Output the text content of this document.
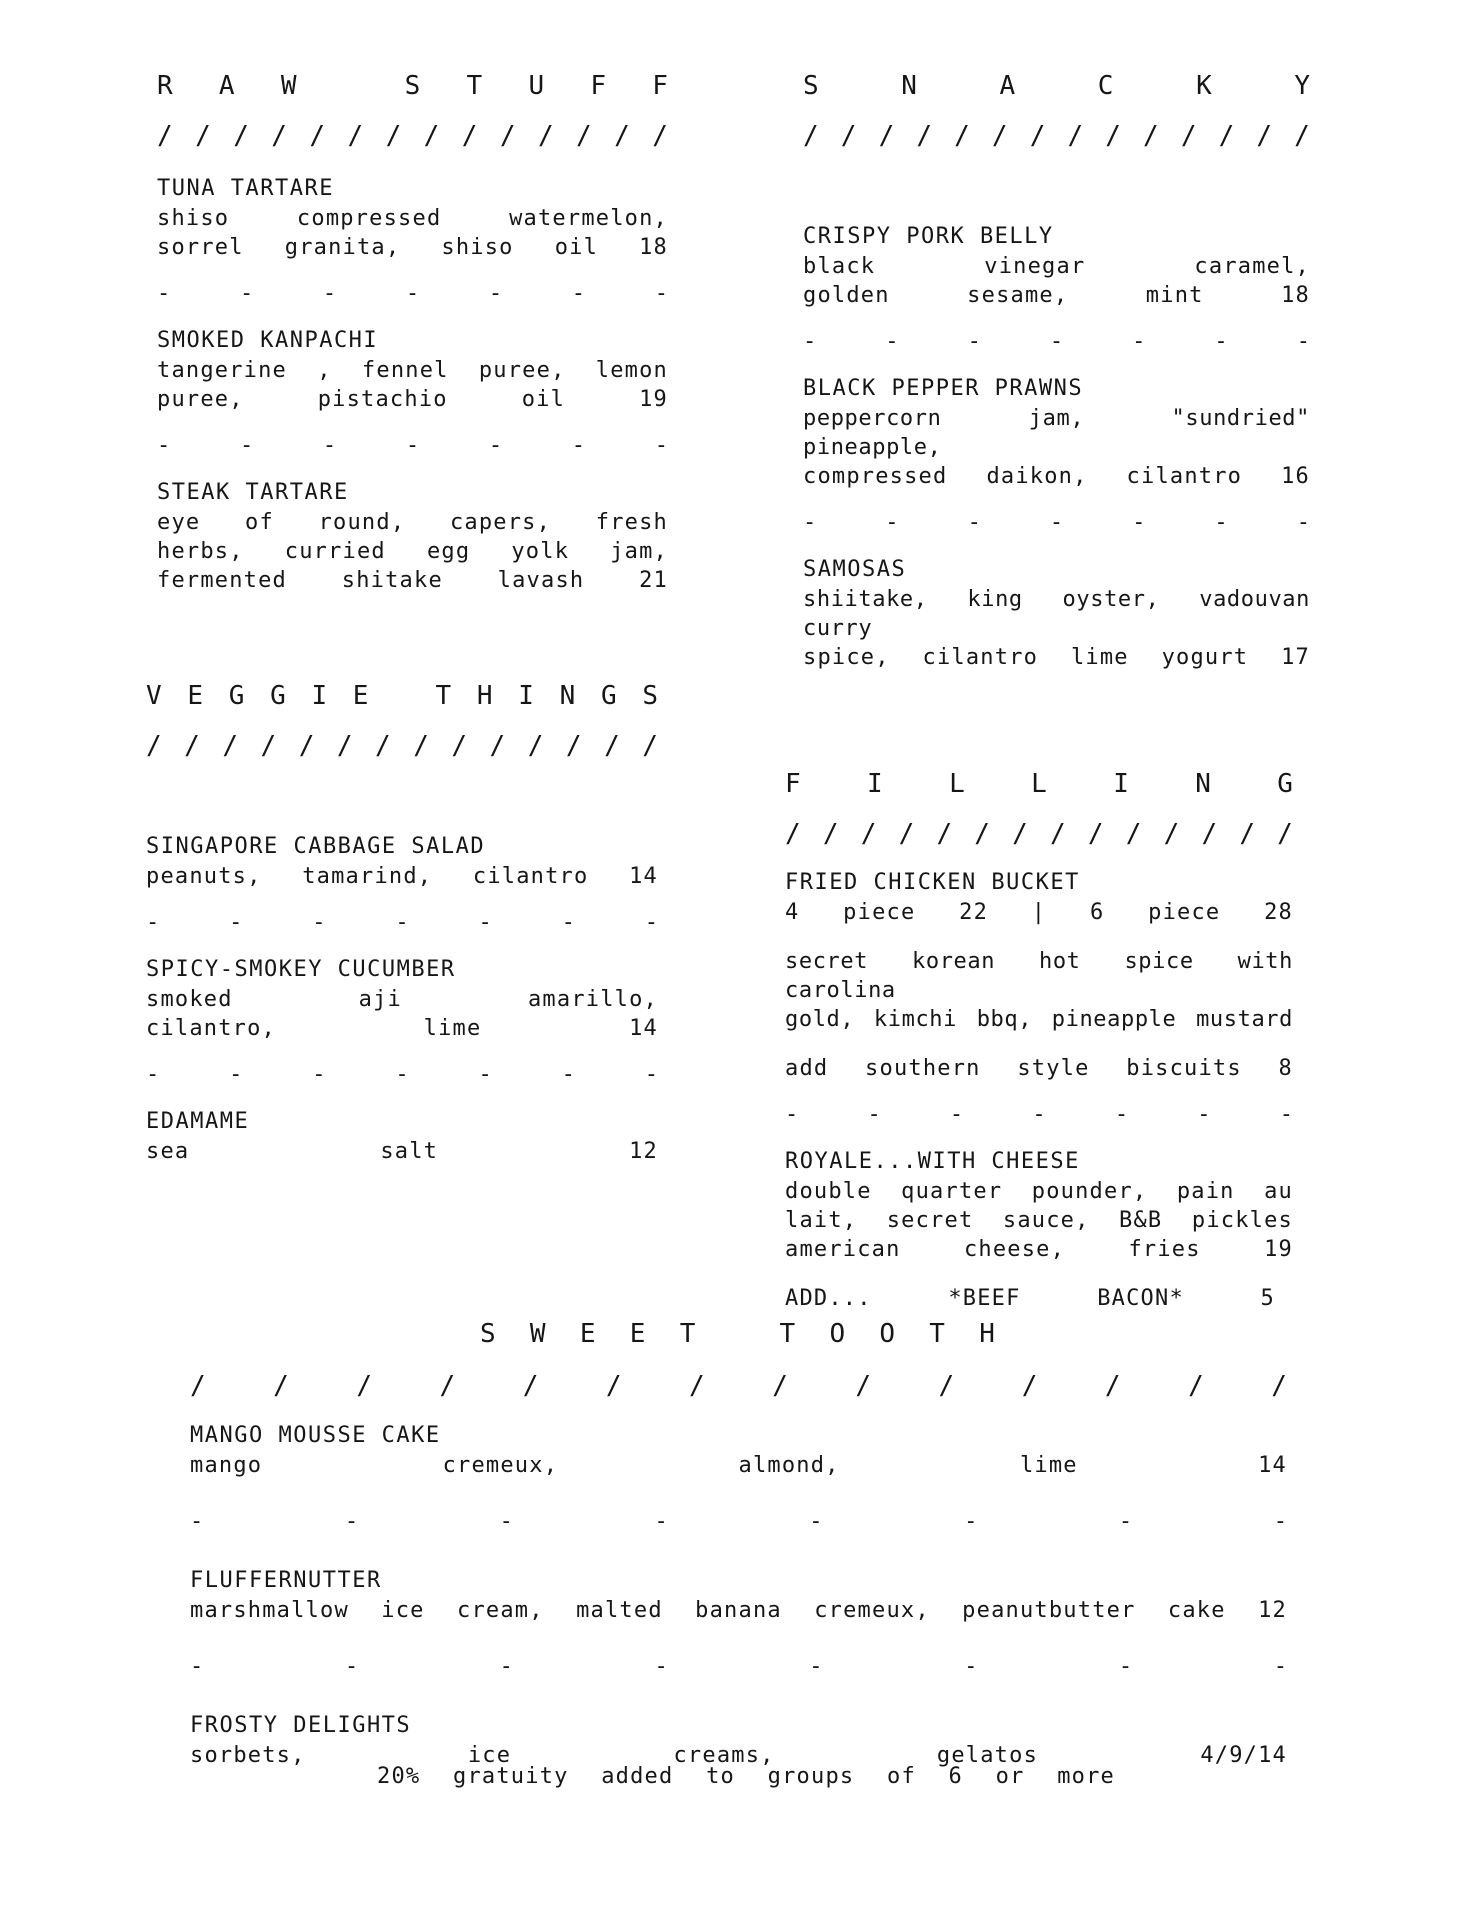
R A W
	S T U F F
/ / / / / / / / / / / / / /
TUNA TARTARE
shiso compressed watermelon,
sorrel granita, shiso oil 18
-	-	-	-	-	-	-
SMOKED KANPACHI
tangerine , fennel puree, lemon
puree, pistachio oil 19
-	-	-	-	-	-	-
STEAK TARTARE
eye of round, capers, fresh
herbs, curried egg yolk jam,
fermented shitake lavash 21
S	N	A	C	K	Y
/ / / / / / / / / / / / / /
CRISPY PORK BELLY
black vinegar caramel,
golden sesame, mint 18
-	-	-	-	-	-	-
BLACK PEPPER PRAWNS
peppercorn jam, "sundried" pineapple,
compressed daikon, cilantro 16
-	-	-	-	-	-	-
SAMOSAS
shiitake, king oyster, vadouvan curry
spice, cilantro lime yogurt 17
V E G G I E
	T H I N G S
/ / / / / / / / / / / / / /
SINGAPORE CABBAGE SALAD
peanuts, tamarind, cilantro 14
-	-	-	-	-	-	-
SPICY-SMOKEY CUCUMBER
smoked aji amarillo,
cilantro, lime 14
-	-	-	-	-	-	-
EDAMAME
sea salt 12
F	I	L	L	I	N	G
/ / / / / / / / / / / / / /
FRIED CHICKEN BUCKET
4 piece 22 | 6 piece 28
secret korean hot spice with carolina
gold, kimchi bbq, pineapple mustard
add southern style biscuits 8
-	-	-	-	-	-	-
ROYALE...WITH CHEESE
double quarter pounder, pain au
lait, secret sauce, B&B pickles
american cheese, fries 19
ADD... *BEEF BACON* 5
S W E E T
	T O O T H
/	/	/	/	/	/	/	/	/	/	/	/	/	/
MANGO MOUSSE CAKE
mango cremeux, almond, lime 14
-	-	-	-	-	-	-	-
FLUFFERNUTTER
marshmallow ice cream, malted banana cremeux, peanutbutter cake 12
-	-	-	-	-	-	-	-
FROSTY DELIGHTS
sorbets, ice creams, gelatos 4/9/14
20% gratuity added to groups of 6 or more
